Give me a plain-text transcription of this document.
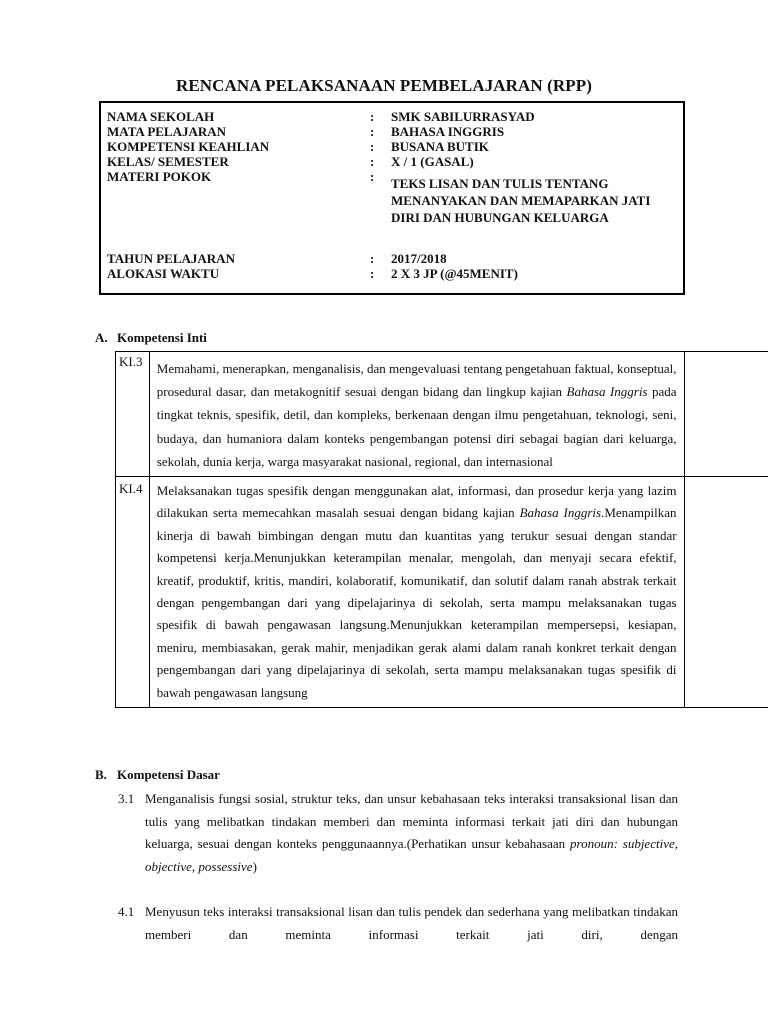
RENCANA PELAKSANAAN PEMBELAJARAN (RPP)
NAMA SEKOLAH	: SMK SABILURRASYAD
MATA PELAJARAN	: BAHASA INGGRIS
KOMPETENSI KEAHLIAN	: BUSANA BUTIK
KELAS/ SEMESTER	: X / 1 (GASAL)
MATERI POKOK	: TEKS LISAN DAN TULIS TENTANG MENANYAKAN DAN MEMAPARKAN JATI DIRI DAN HUBUNGAN KELUARGA
TAHUN PELAJARAN	: 2017/2018
ALOKASI WAKTU	: 2 X 3 JP (@45MENIT)
A. Kompetensi Inti
KI.3	Memahami, menerapkan, menganalisis, dan mengevaluasi tentang pengetahuan faktual, konseptual, prosedural dasar, dan metakognitif sesuai dengan bidang dan lingkup kajian Bahasa Inggris pada tingkat teknis, spesifik, detil, dan kompleks, berkenaan dengan ilmu pengetahuan, teknologi, seni, budaya, dan humaniora dalam konteks pengembangan potensi diri sebagai bagian dari keluarga, sekolah, dunia kerja, warga masyarakat nasional, regional, dan internasional	
KI.4	Melaksanakan tugas spesifik dengan menggunakan alat, informasi, dan prosedur kerja yang lazim dilakukan serta memecahkan masalah sesuai dengan bidang kajian Bahasa Inggris.Menampilkan kinerja di bawah bimbingan dengan mutu dan kuantitas yang terukur sesuai dengan standar kompetensi kerja.Menunjukkan keterampilan menalar, mengolah, dan menyaji secara efektif, kreatif, produktif, kritis, mandiri, kolaboratif, komunikatif, dan solutif dalam ranah abstrak terkait dengan pengembangan dari yang dipelajarinya di sekolah, serta mampu melaksanakan tugas spesifik di bawah pengawasan langsung.Menunjukkan keterampilan mempersepsi, kesiapan, meniru, membiasakan, gerak mahir, menjadikan gerak alami dalam ranah konkret terkait dengan pengembangan dari yang dipelajarinya di sekolah, serta mampu melaksanakan tugas spesifik di bawah pengawasan langsung	
B. Kompetensi Dasar
3.1 Menganalisis fungsi sosial, struktur teks, dan unsur kebahasaan teks interaksi transaksional lisan dan tulis yang melibatkan tindakan memberi dan meminta informasi terkait jati diri dan hubungan keluarga, sesuai dengan konteks penggunaannya.(Perhatikan unsur kebahasaan pronoun: subjective, objective, possessive)
4.1 Menyusun teks interaksi transaksional lisan dan tulis pendek dan sederhana yang melibatkan tindakan memberi dan meminta informasi terkait jati diri, dengan
